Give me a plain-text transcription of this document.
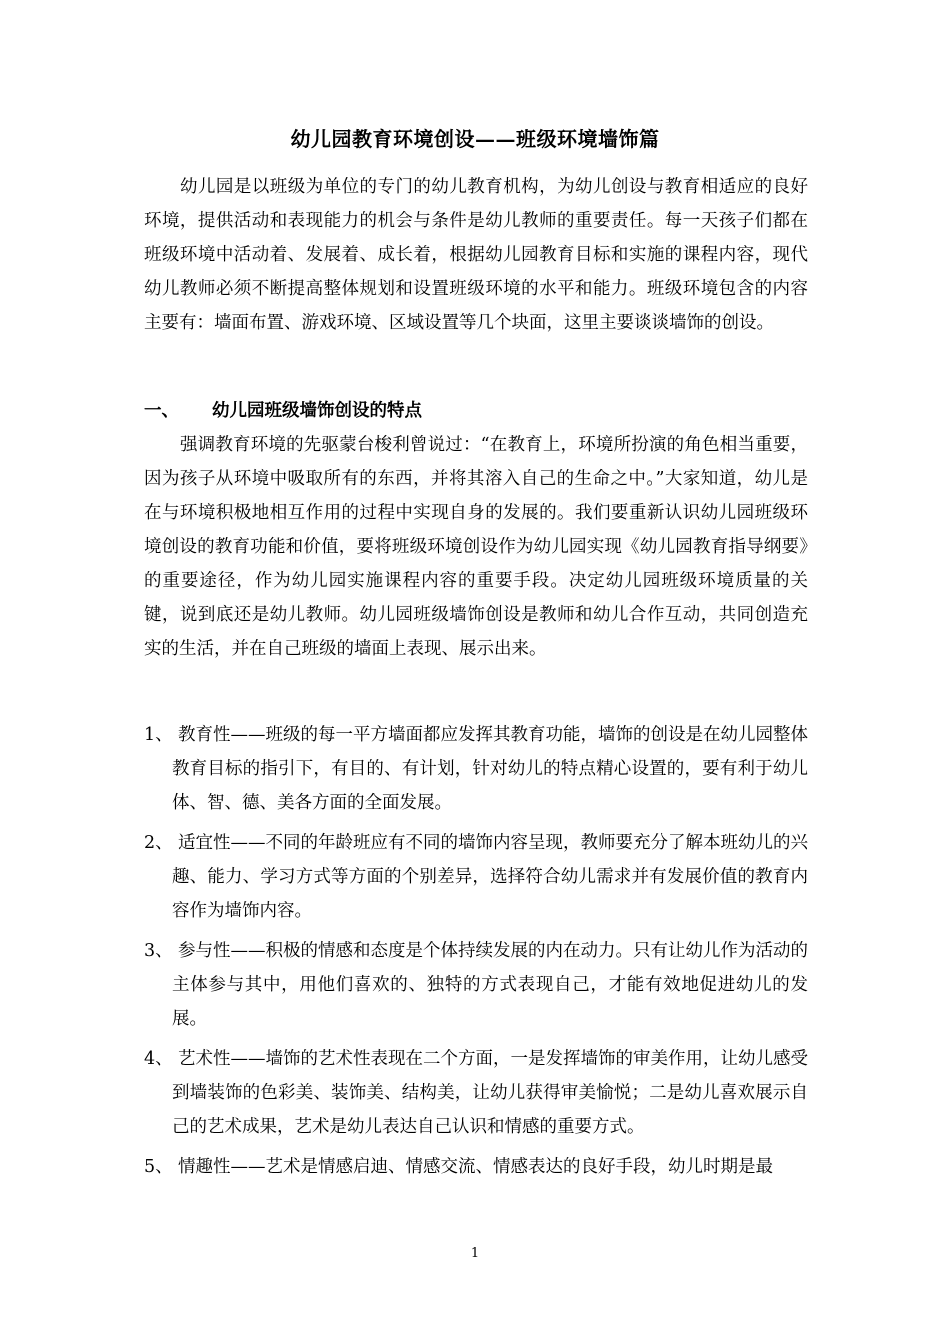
幼儿园教育环境创设——班级环境墙饰篇
幼儿园是以班级为单位的专门的幼儿教育机构，为幼儿创设与教育相适应的良好环境，提供活动和表现能力的机会与条件是幼儿教师的重要责任。每一天孩子们都在班级环境中活动着、发展着、成长着，根据幼儿园教育目标和实施的课程内容，现代幼儿教师必须不断提高整体规划和设置班级环境的水平和能力。班级环境包含的内容主要有：墙面布置、游戏环境、区域设置等几个块面，这里主要谈谈墙饰的创设。
一、 幼儿园班级墙饰创设的特点
强调教育环境的先驱蒙台梭利曾说过：“在教育上，环境所扮演的角色相当重要，因为孩子从环境中吸取所有的东西，并将其溶入自己的生命之中。”大家知道，幼儿是在与环境积极地相互作用的过程中实现自身的发展的。我们要重新认识幼儿园班级环境创设的教育功能和价值，要将班级环境创设作为幼儿园实现《幼儿园教育指导纲要》的重要途径，作为幼儿园实施课程内容的重要手段。决定幼儿园班级环境质量的关键，说到底还是幼儿教师。幼儿园班级墙饰创设是教师和幼儿合作互动，共同创造充实的生活，并在自己班级的墙面上表现、展示出来。
1、 教育性——班级的每一平方墙面都应发挥其教育功能，墙饰的创设是在幼儿园整体教育目标的指引下，有目的、有计划，针对幼儿的特点精心设置的，要有利于幼儿体、智、德、美各方面的全面发展。
2、 适宜性——不同的年龄班应有不同的墙饰内容呈现，教师要充分了解本班幼儿的兴趣、能力、学习方式等方面的个别差异，选择符合幼儿需求并有发展价值的教育内容作为墙饰内容。
3、 参与性——积极的情感和态度是个体持续发展的内在动力。只有让幼儿作为活动的主体参与其中，用他们喜欢的、独特的方式表现自己，才能有效地促进幼儿的发展。
4、 艺术性——墙饰的艺术性表现在二个方面，一是发挥墙饰的审美作用，让幼儿感受到墙装饰的色彩美、装饰美、结构美，让幼儿获得审美愉悦；二是幼儿喜欢展示自己的艺术成果，艺术是幼儿表达自己认识和情感的重要方式。
5、 情趣性——艺术是情感启迪、情感交流、情感表达的良好手段，幼儿时期是最
1
